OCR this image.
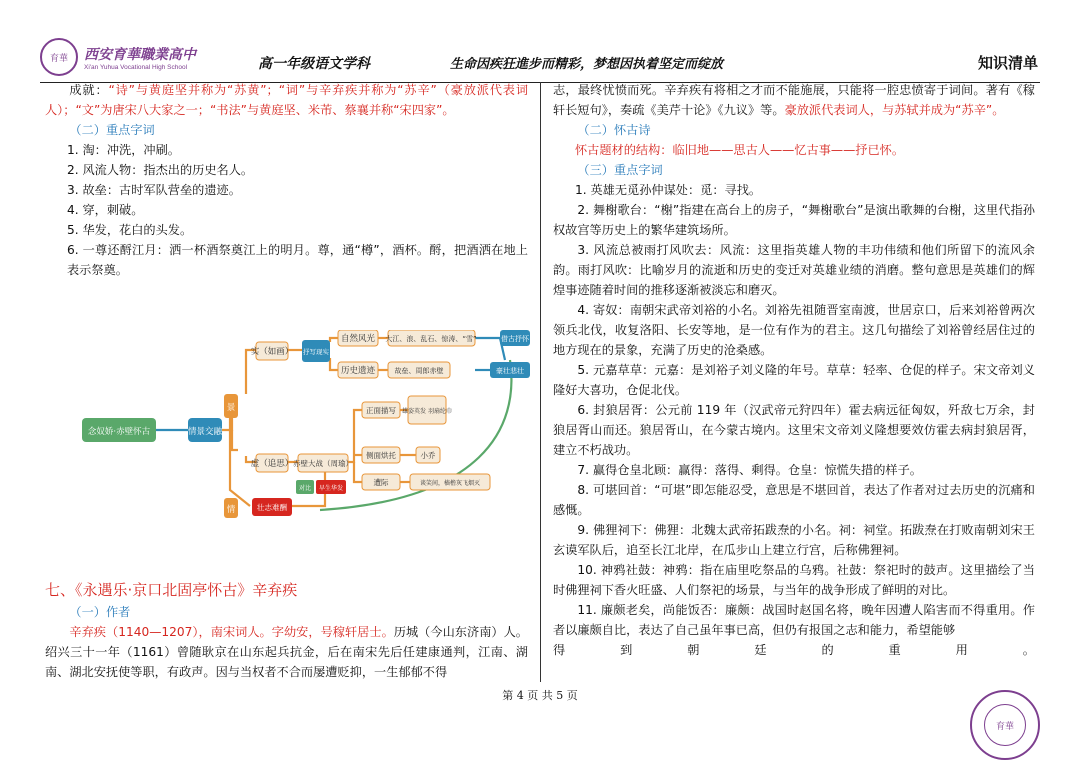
育華 西安育華職業高中
Xi'an Yuhua Vocational High School	高一年级语文学科	生命因疾狂進步而精彩，梦想因执着坚定而绽放	知识清单

成就：“诗”与黄庭坚并称为“苏黄”；“词”与辛弃疾并称为“苏辛”（豪放派代表词人）；“文”为唐宋八大家之一；“书法”与黄庭坚、米芾、蔡襄并称“宋四家”。

（二）重点字词

1. 淘：冲洗，冲刷。

2. 风流人物：指杰出的历史名人。

3. 故垒：古时军队营垒的遗迹。

4. 穿，刺破。

5. 华发，花白的头发。

6. 一尊还酹江月：洒一杯酒祭奠江上的明月。尊，通“樽”，酒杯。酹，把酒洒在地上表示祭奠。

念奴娇·赤壁怀古	情景交融
景
情
实（如画）
虚（追思）
抒写现实
自然风光 大江、浪、乱石、惊涛、“雪”
历史遗迹	故垒、周郎赤壁	豪壮悲壮
借古抒怀
赤壁大战（周瑜）
正面描写 雄姿英发 羽扇纶巾
侧面烘托	小乔
遭际	谈笑间，樯橹灰飞烟灭
壮志难酬
对比 早生华发

七、《永遇乐·京口北固亭怀古》辛弃疾

（一）作者

辛弃疾（1140—1207），南宋词人。字幼安，号稼轩居士。历城（今山东济南）人。绍兴三十一年（1161）曾随耿京在山东起兵抗金，后在南宋先后任建康通判，江南、湖南、湖北安抚使等职，有政声。因与当权者不合而屡遭贬抑，一生郁郁不得

志，最终忧愤而死。辛弃疾有将相之才而不能施展，只能将一腔忠愤寄于词间。著有《稼轩长短句》，奏疏《美芹十论》《九议》等。豪放派代表词人，与苏轼并成为“苏辛”。

（二）怀古诗

怀古题材的结构：临旧地——思古人——忆古事——抒已怀。

（三）重点字词

1. 英雄无觅孙仲谋处：觅：寻找。

2. 舞榭歌台：“榭”指建在高台上的房子，“舞榭歌台”是演出歌舞的台榭，这里代指孙权故宫等历史上的繁华建筑场所。

3. 风流总被雨打风吹去：风流：这里指英雄人物的丰功伟绩和他们所留下的流风余韵。雨打风吹：比喻岁月的流逝和历史的变迁对英雄业绩的消磨。整句意思是英雄们的辉煌事迹随着时间的推移逐渐被淡忘和磨灭。

4. 寄奴：南朝宋武帝刘裕的小名。刘裕先祖随晋室南渡，世居京口，后来刘裕曾两次领兵北伐，收复洛阳、长安等地，是一位有作为的君主。这几句描绘了刘裕曾经居住过的地方现在的景象，充满了历史的沧桑感。

5. 元嘉草草：元嘉：是刘裕子刘义隆的年号。草草：轻率、仓促的样子。宋文帝刘义隆好大喜功，仓促北伐。

6. 封狼居胥：公元前 119 年（汉武帝元狩四年）霍去病远征匈奴，歼敌七万余，封狼居胥山而还。狼居胥山，在今蒙古境内。这里宋文帝刘义隆想要效仿霍去病封狼居胥，建立不朽战功。

7. 赢得仓皇北顾：赢得：落得、剩得。仓皇：惊慌失措的样子。

8. 可堪回首：“可堪”即怎能忍受，意思是不堪回首，表达了作者对过去历史的沉痛和感慨。

9. 佛狸祠下：佛狸：北魏太武帝拓跋焘的小名。祠：祠堂。拓跋焘在打败南朝刘宋王玄谟军队后，追至长江北岸，在瓜步山上建立行宫，后称佛狸祠。

10. 神鸦社鼓：神鸦：指在庙里吃祭品的乌鸦。社鼓：祭祀时的鼓声。这里描绘了当时佛狸祠下香火旺盛、人们祭祀的场景，与当年的战争形成了鲜明的对比。

11. 廉颇老矣，尚能饭否：廉颇：战国时赵国名将，晚年因遭人陷害而不得重用。作者以廉颇自比，表达了自己虽年事已高，但仍有报国之志和能力，希望能够

得	到	朝	廷	的	重	用	。

第 4 页 共 5 页
育華
